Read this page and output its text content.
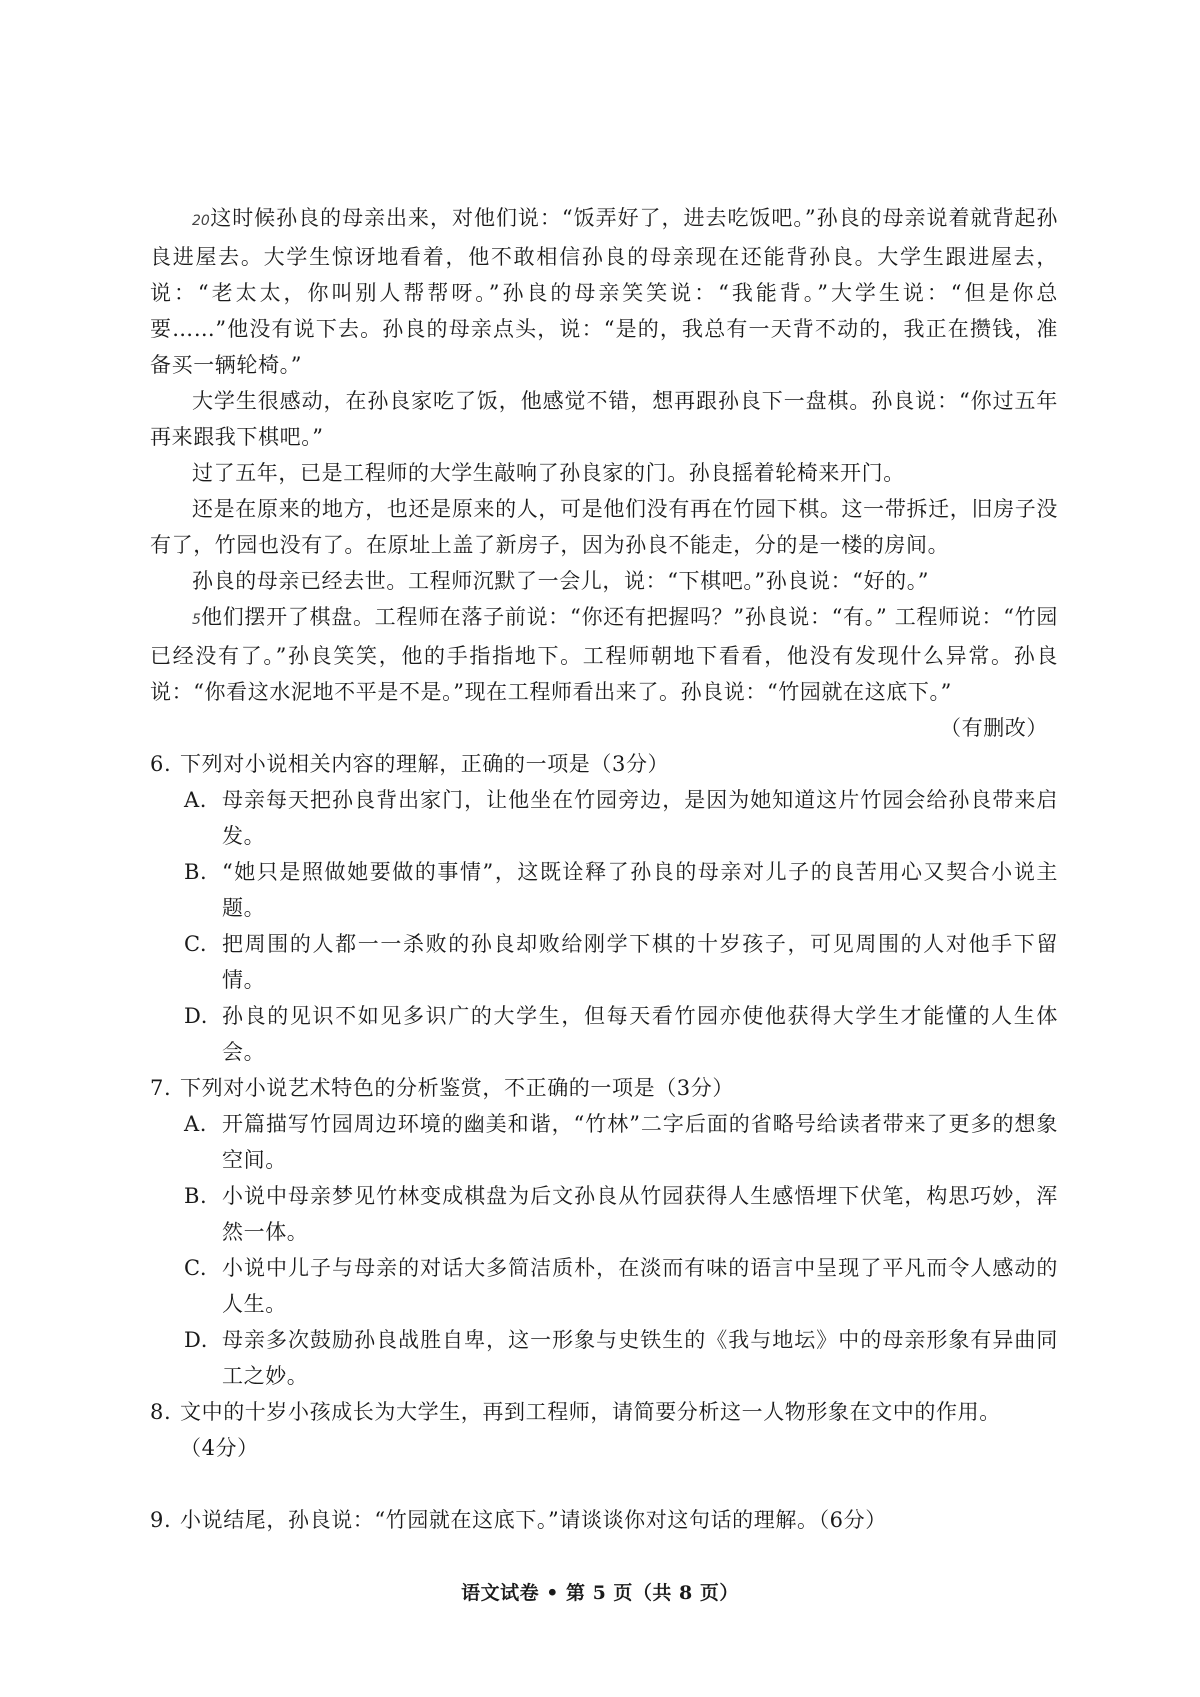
20这时候孙良的母亲出来，对他们说：“饭弄好了，进去吃饭吧。”孙良的母亲说着就背起孙良进屋去。大学生惊讶地看着，他不敢相信孙良的母亲现在还能背孙良。大学生跟进屋去，说：“老太太，你叫别人帮帮呀。”孙良的母亲笑笑说：“我能背。”大学生说：“但是你总要……”他没有说下去。孙良的母亲点头，说：“是的，我总有一天背不动的，我正在攒钱，准备买一辆轮椅。”

大学生很感动，在孙良家吃了饭，他感觉不错，想再跟孙良下一盘棋。孙良说：“你过五年再来跟我下棋吧。”

过了五年，已是工程师的大学生敲响了孙良家的门。孙良摇着轮椅来开门。

还是在原来的地方，也还是原来的人，可是他们没有再在竹园下棋。这一带拆迁，旧房子没有了，竹园也没有了。在原址上盖了新房子，因为孙良不能走，分的是一楼的房间。

孙良的母亲已经去世。工程师沉默了一会儿，说：“下棋吧。”孙良说：“好的。”

5他们摆开了棋盘。工程师在落子前说：“你还有把握吗？”孙良说：“有。” 工程师说：“竹园已经没有了。”孙良笑笑，他的手指指地下。工程师朝地下看看，他没有发现什么异常。孙良说：“你看这水泥地不平是不是。”现在工程师看出来了。孙良说：“竹园就在这底下。”

（有删改）

6. 下列对小说相关内容的理解，正确的一项是（3分）

A. 母亲每天把孙良背出家门，让他坐在竹园旁边，是因为她知道这片竹园会给孙良带来启发。

B. “她只是照做她要做的事情”，这既诠释了孙良的母亲对儿子的良苦用心又契合小说主题。

C. 把周围的人都一一杀败的孙良却败给刚学下棋的十岁孩子，可见周围的人对他手下留情。

D. 孙良的见识不如见多识广的大学生，但每天看竹园亦使他获得大学生才能懂的人生体会。

7. 下列对小说艺术特色的分析鉴赏，不正确的一项是（3分）

A. 开篇描写竹园周边环境的幽美和谐，“竹林”二字后面的省略号给读者带来了更多的想象空间。

B. 小说中母亲梦见竹林变成棋盘为后文孙良从竹园获得人生感悟埋下伏笔，构思巧妙，浑然一体。

C. 小说中儿子与母亲的对话大多简洁质朴，在淡而有味的语言中呈现了平凡而令人感动的人生。

D. 母亲多次鼓励孙良战胜自卑，这一形象与史铁生的《我与地坛》中的母亲形象有异曲同工之妙。

8. 文中的十岁小孩成长为大学生，再到工程师，请简要分析这一人物形象在文中的作用。

（4分）

9. 小说结尾，孙良说：“竹园就在这底下。”请谈谈你对这句话的理解。（6分）

语文试卷 • 第 5 页（共 8 页）
